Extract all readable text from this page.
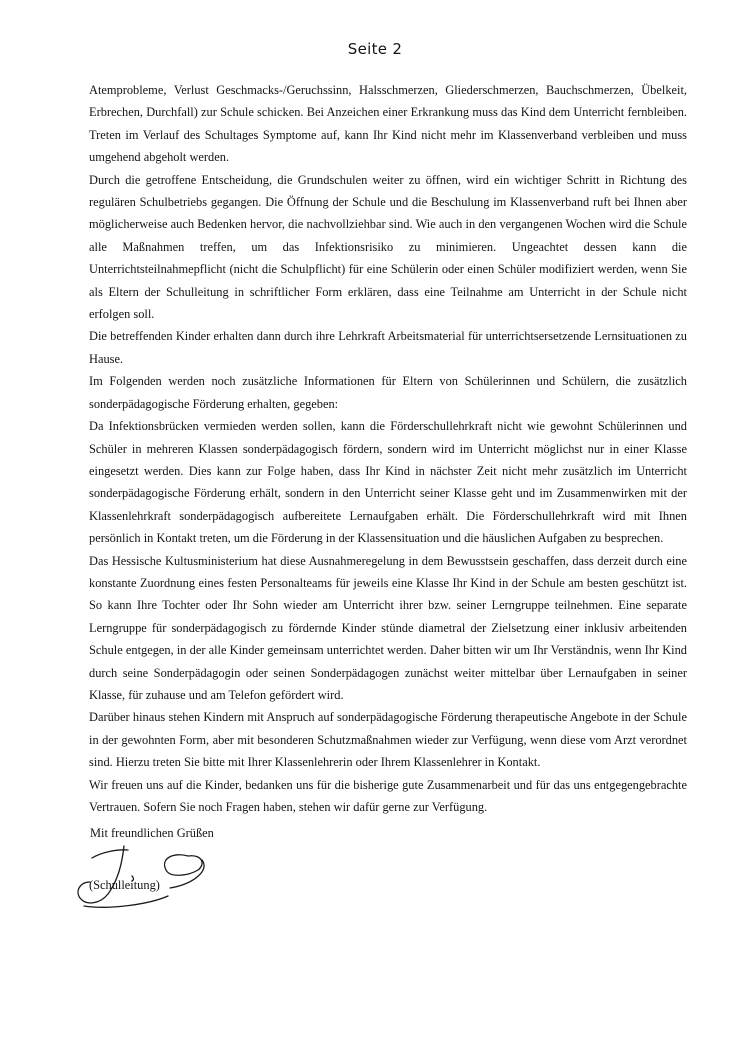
Seite 2

Atemprobleme, Verlust Geschmacks-/Geruchssinn, Halsschmerzen, Gliederschmerzen, Bauchschmerzen, Übelkeit, Erbrechen, Durchfall) zur Schule schicken. Bei Anzeichen einer Erkrankung muss das Kind dem Unterricht fernbleiben. Treten im Verlauf des Schultages Symptome auf, kann Ihr Kind nicht mehr im Klassenverband verbleiben und muss umgehend abgeholt werden.

Durch die getroffene Entscheidung, die Grundschulen weiter zu öffnen, wird ein wichtiger Schritt in Richtung des regulären Schulbetriebs gegangen. Die Öffnung der Schule und die Beschulung im Klassenverband ruft bei Ihnen aber möglicherweise auch Bedenken hervor, die nachvollziehbar sind. Wie auch in den vergangenen Wochen wird die Schule alle Maßnahmen treffen, um das Infektionsrisiko zu minimieren. Ungeachtet dessen kann die Unterrichtsteilnahmepflicht (nicht die Schulpflicht) für eine Schülerin oder einen Schüler modifiziert werden, wenn Sie als Eltern der Schulleitung in schriftlicher Form erklären, dass eine Teilnahme am Unterricht in der Schule nicht erfolgen soll.

Die betreffenden Kinder erhalten dann durch ihre Lehrkraft Arbeitsmaterial für unterrichtsersetzende Lernsituationen zu Hause.

Im Folgenden werden noch zusätzliche Informationen für Eltern von Schülerinnen und Schülern, die zusätzlich sonderpädagogische Förderung erhalten, gegeben:

Da Infektionsbrücken vermieden werden sollen, kann die Förderschullehrkraft nicht wie gewohnt Schülerinnen und Schüler in mehreren Klassen sonderpädagogisch fördern, sondern wird im Unterricht möglichst nur in einer Klasse eingesetzt werden. Dies kann zur Folge haben, dass Ihr Kind in nächster Zeit nicht mehr zusätzlich im Unterricht sonderpädagogische Förderung erhält, sondern in den Unterricht seiner Klasse geht und im Zusammenwirken mit der Klassenlehrkraft sonderpädagogisch aufbereitete Lernaufgaben erhält. Die Förderschullehrkraft wird mit Ihnen persönlich in Kontakt treten, um die Förderung in der Klassensituation und die häuslichen Aufgaben zu besprechen.

Das Hessische Kultusministerium hat diese Ausnahmeregelung in dem Bewusstsein geschaffen, dass derzeit durch eine konstante Zuordnung eines festen Personalteams für jeweils eine Klasse Ihr Kind in der Schule am besten geschützt ist. So kann Ihre Tochter oder Ihr Sohn wieder am Unterricht ihrer bzw. seiner Lerngruppe teilnehmen. Eine separate Lerngruppe für sonderpädagogisch zu fördernde Kinder stünde diametral der Zielsetzung einer inklusiv arbeitenden Schule entgegen, in der alle Kinder gemeinsam unterrichtet werden. Daher bitten wir um Ihr Verständnis, wenn Ihr Kind durch seine Sonderpädagogin oder seinen Sonderpädagogen zunächst weiter mittelbar über Lernaufgaben in seiner Klasse, für zuhause und am Telefon gefördert wird.

Darüber hinaus stehen Kindern mit Anspruch auf sonderpädagogische Förderung therapeutische Angebote in der Schule in der gewohnten Form, aber mit besonderen Schutzmaßnahmen wieder zur Verfügung, wenn diese vom Arzt verordnet sind. Hierzu treten Sie bitte mit Ihrer Klassenlehrerin oder Ihrem Klassenlehrer in Kontakt.

Wir freuen uns auf die Kinder, bedanken uns für die bisherige gute Zusammenarbeit und für das uns entgegengebrachte Vertrauen. Sofern Sie noch Fragen haben, stehen wir dafür gerne zur Verfügung.

Mit freundlichen Grüßen
(Schulleitung)
